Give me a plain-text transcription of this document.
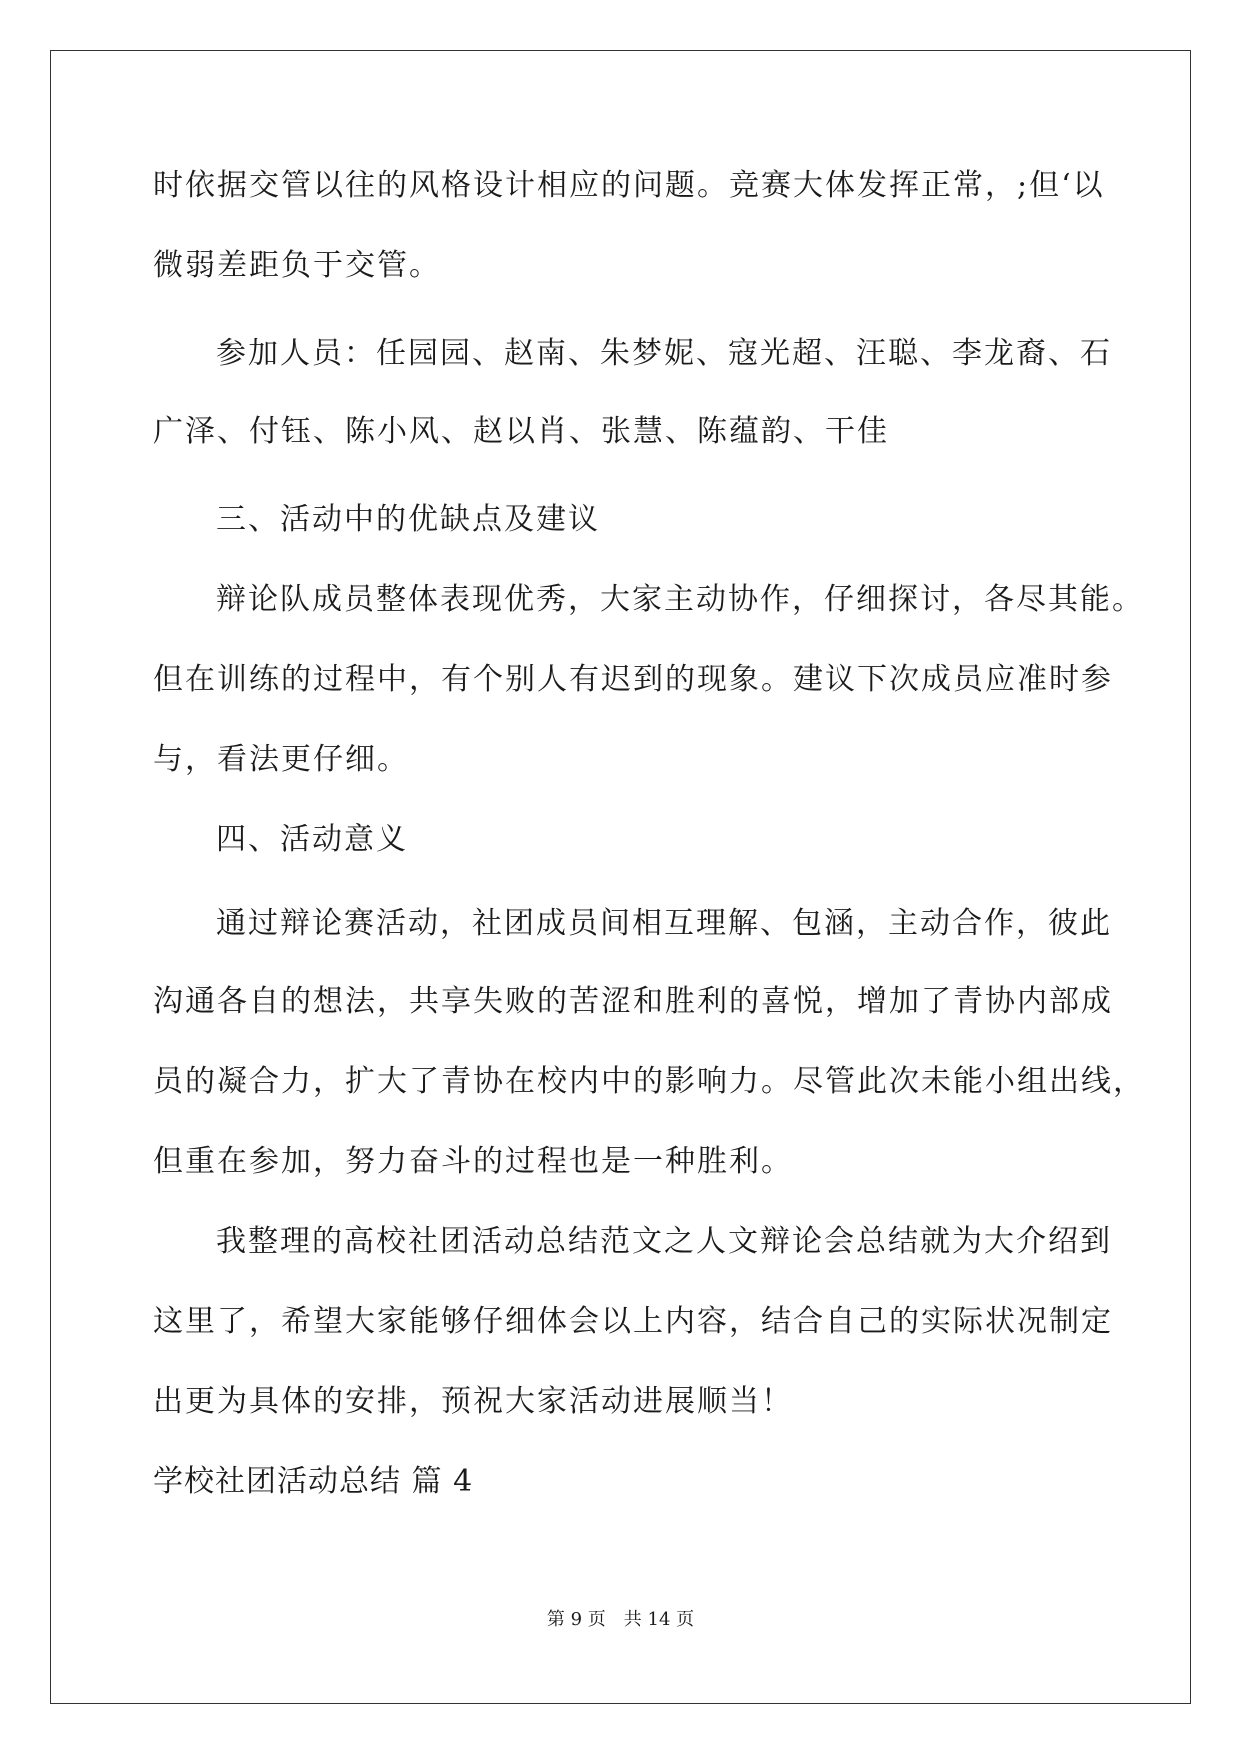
时依据交管以往的风格设计相应的问题。竞赛大体发挥正常，;但‘以
微弱差距负于交管。
参加人员：任园园、赵南、朱梦妮、寇光超、汪聪、李龙裔、石
广泽、付钰、陈小风、赵以肖、张慧、陈蕴韵、干佳
三、活动中的优缺点及建议
辩论队成员整体表现优秀，大家主动协作，仔细探讨，各尽其能。
但在训练的过程中，有个别人有迟到的现象。建议下次成员应准时参
与，看法更仔细。
四、活动意义
通过辩论赛活动，社团成员间相互理解、包涵，主动合作，彼此
沟通各自的想法，共享失败的苦涩和胜利的喜悦，增加了青协内部成
员的凝合力，扩大了青协在校内中的影响力。尽管此次未能小组出线，
但重在参加，努力奋斗的过程也是一种胜利。
我整理的高校社团活动总结范文之人文辩论会总结就为大介绍到
这里了，希望大家能够仔细体会以上内容，结合自己的实际状况制定
出更为具体的安排，预祝大家活动进展顺当！
学校社团活动总结 篇 4
第 9 页 共 14 页
